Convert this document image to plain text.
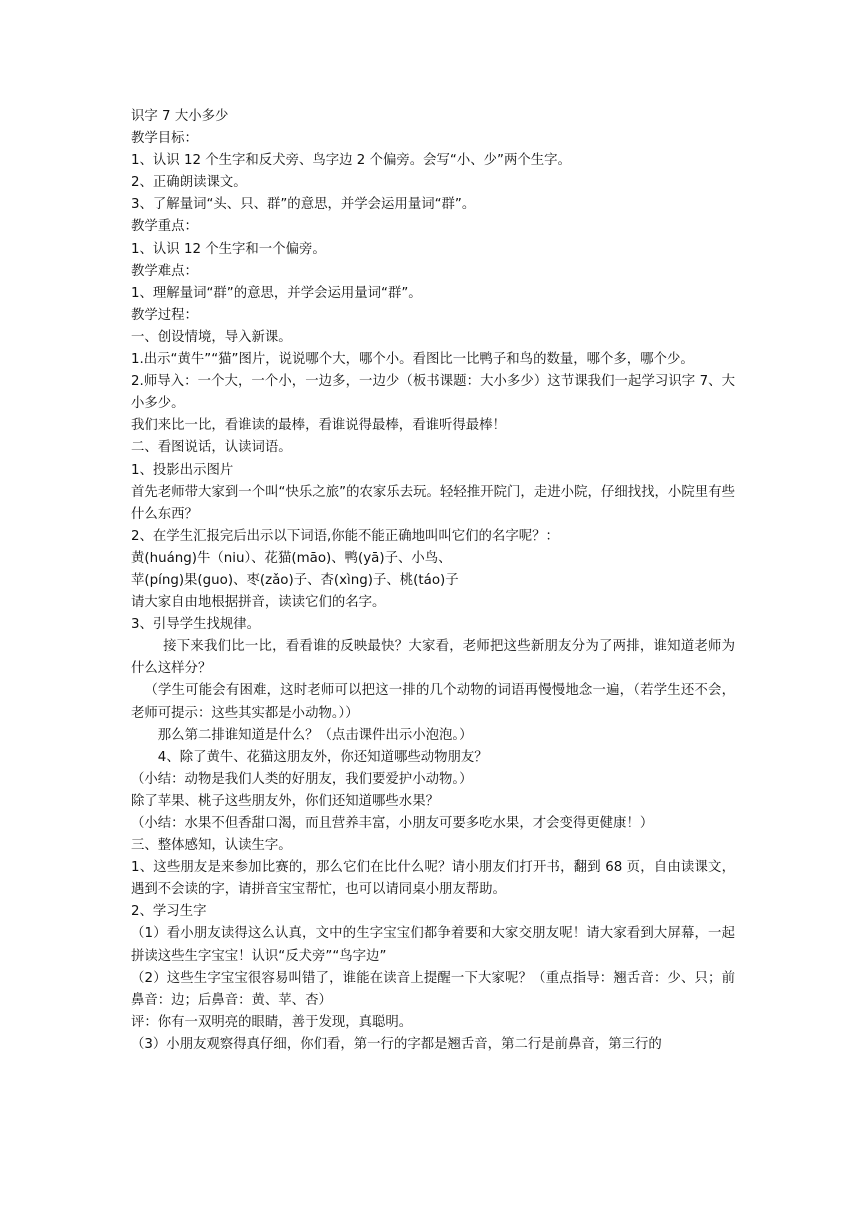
识字 7 大小多少

教学目标：

1、认识 12 个生字和反犬旁、鸟字边 2 个偏旁。会写“小、少”两个生字。

2、正确朗读课文。

3、了解量词“头、只、群”的意思，并学会运用量词“群”。

教学重点：

1、认识 12 个生字和一个偏旁。

教学难点：

1、理解量词“群”的意思，并学会运用量词“群”。

教学过程：

一、创设情境，导入新课。

1.出示“黄牛”“猫”图片，说说哪个大，哪个小。看图比一比鸭子和鸟的数量，哪个多，哪个少。

2.师导入：一个大，一个小，一边多，一边少（板书课题：大小多少）这节课我们一起学习识字 7、大小多少。

我们来比一比，看谁读的最棒，看谁说得最棒，看谁听得最棒！

二、看图说话，认读词语。

1、投影出示图片

首先老师带大家到一个叫“快乐之旅”的农家乐去玩。轻轻推开院门，走进小院，仔细找找，小院里有些什么东西？

2、在学生汇报完后出示以下词语,你能不能正确地叫叫它们的名字呢？：

黄(huáng)牛（niu）、花猫(māo)、鸭(yā)子、小鸟、

苹(píng)果(guo)、枣(zǎo)子、杏(xìng)子、桃(táo)子

请大家自由地根据拼音，读读它们的名字。

3、引导学生找规律。

接下来我们比一比，看看谁的反映最快？大家看，老师把这些新朋友分为了两排，谁知道老师为什么这样分？

（学生可能会有困难，这时老师可以把这一排的几个动物的词语再慢慢地念一遍，（若学生还不会，老师可提示：这些其实都是小动物。））

那么第二排谁知道是什么？（点击课件出示小泡泡。）

4、除了黄牛、花猫这朋友外，你还知道哪些动物朋友？

（小结：动物是我们人类的好朋友，我们要爱护小动物。）

除了苹果、桃子这些朋友外，你们还知道哪些水果？

（小结：水果不但香甜口渴，而且营养丰富，小朋友可要多吃水果，才会变得更健康！）

三、整体感知，认读生字。

1、这些朋友是来参加比赛的，那么它们在比什么呢？请小朋友们打开书，翻到 68 页，自由读课文，遇到不会读的字，请拼音宝宝帮忙，也可以请同桌小朋友帮助。

2、学习生字

（1）看小朋友读得这么认真，文中的生字宝宝们都争着要和大家交朋友呢！请大家看到大屏幕，一起拼读这些生字宝宝！认识“反犬旁”“鸟字边”

（2）这些生字宝宝很容易叫错了，谁能在读音上提醒一下大家呢？（重点指导：翘舌音：少、只；前鼻音：边；后鼻音：黄、苹、杏）

评：你有一双明亮的眼睛，善于发现，真聪明。

（3）小朋友观察得真仔细，你们看，第一行的字都是翘舌音，第二行是前鼻音，第三行的
